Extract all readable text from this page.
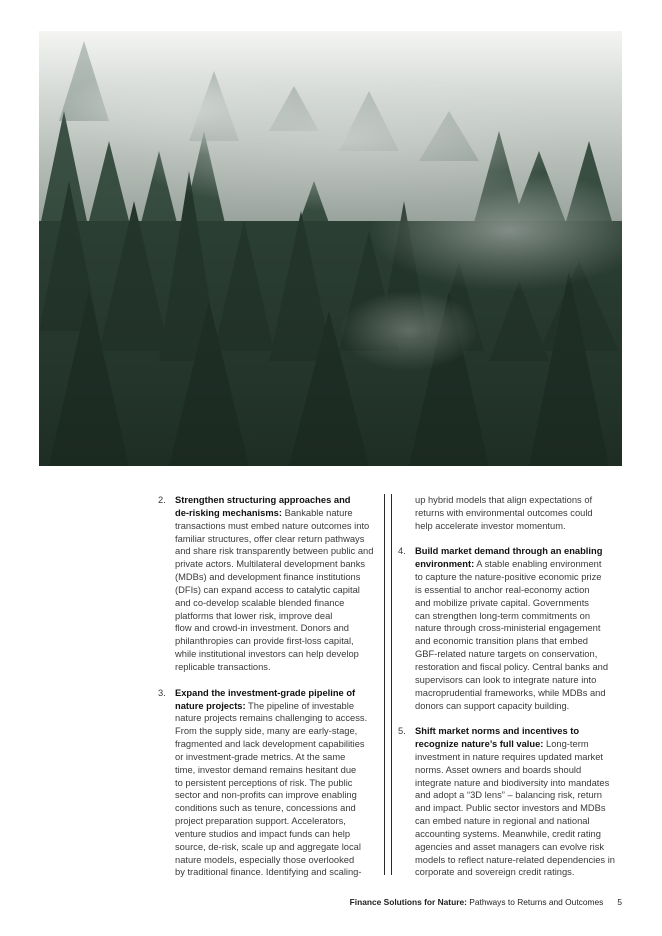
2. Strengthen structuring approaches and
de-risking mechanisms: Bankable nature
transactions must embed nature outcomes into
familiar structures, offer clear return pathways
and share risk transparently between public and
private actors. Multilateral development banks
(MDBs) and development finance institutions
(DFIs) can expand access to catalytic capital
and co-develop scalable blended finance
platforms that lower risk, improve deal
flow and crowd-in investment. Donors and
philanthropies can provide first-loss capital,
while institutional investors can help develop
replicable transactions.
3. Expand the investment-grade pipeline of
nature projects: The pipeline of investable
nature projects remains challenging to access.
From the supply side, many are early-stage,
fragmented and lack development capabilities
or investment-grade metrics. At the same
time, investor demand remains hesitant due
to persistent perceptions of risk. The public
sector and non-profits can improve enabling
conditions such as tenure, concessions and
project preparation support. Accelerators,
venture studios and impact funds can help
source, de-risk, scale up and aggregate local
nature models, especially those overlooked
by traditional finance. Identifying and scaling-
up hybrid models that align expectations of
returns with environmental outcomes could
help accelerate investor momentum.
4. Build market demand through an enabling
environment: A stable enabling environment
to capture the nature-positive economic prize
is essential to anchor real-economy action
and mobilize private capital. Governments
can strengthen long-term commitments on
nature through cross-ministerial engagement
and economic transition plans that embed
GBF-related nature targets on conservation,
restoration and fiscal policy. Central banks and
supervisors can look to integrate nature into
macroprudential frameworks, while MDBs and
donors can support capacity building.
5. Shift market norms and incentives to
recognize nature’s full value: Long-term
investment in nature requires updated market
norms. Asset owners and boards should
integrate nature and biodiversity into mandates
and adopt a “3D lens” – balancing risk, return
and impact. Public sector investors and MDBs
can embed nature in regional and national
accounting systems. Meanwhile, credit rating
agencies and asset managers can evolve risk
models to reflect nature-related dependencies in
corporate and sovereign credit ratings.
Finance Solutions for Nature: Pathways to Returns and Outcomes 5
